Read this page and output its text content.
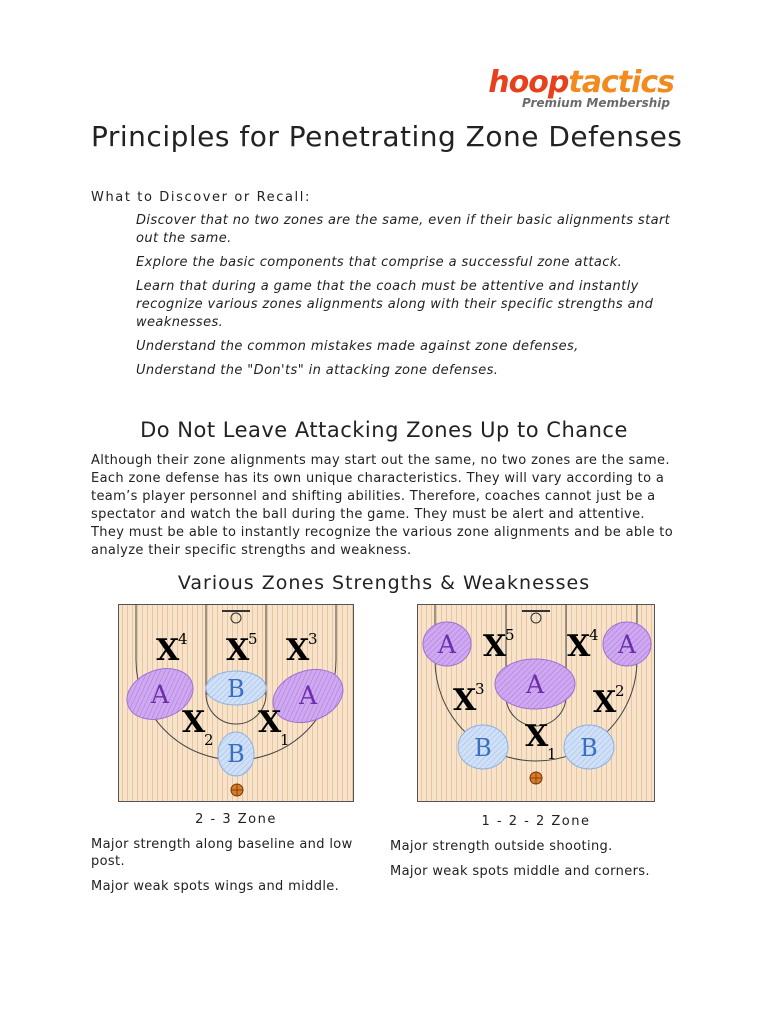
hooptactics
Premium Membership
Principles for Penetrating Zone Defenses
What to Discover or Recall:
Discover that no two zones are the same, even if their basic alignments start out the same.
Explore the basic components that comprise a successful zone attack.
Learn that during a game that the coach must be attentive and instantly recognize various zones alignments along with their specific strengths and weaknesses.
Understand the common mistakes made against zone defenses,
Understand the "Don'ts" in attacking zone defenses.
Do Not Leave Attacking Zones Up to Chance
Although their zone alignments may start out the same, no two zones are the same. Each zone defense has its own unique characteristics. They will vary according to a team’s player personnel and shifting abilities. Therefore, coaches cannot just be a spectator and watch the ball during the game. They must be alert and attentive. They must be able to instantly recognize the various zone alignments and be able to analyze their specific strengths and weakness.
Various Zones Strengths & Weaknesses
A B A
B
X
4 X
5 X
3
X
2 X
1
A	A
A
B	B
X
5 X
4
X
3	X
2
X
1
2 - 3 Zone	1 - 2 - 2 Zone
Major strength along baseline and low post.
Major weak spots wings and middle.
Major strength outside shooting.
Major weak spots middle and corners.
